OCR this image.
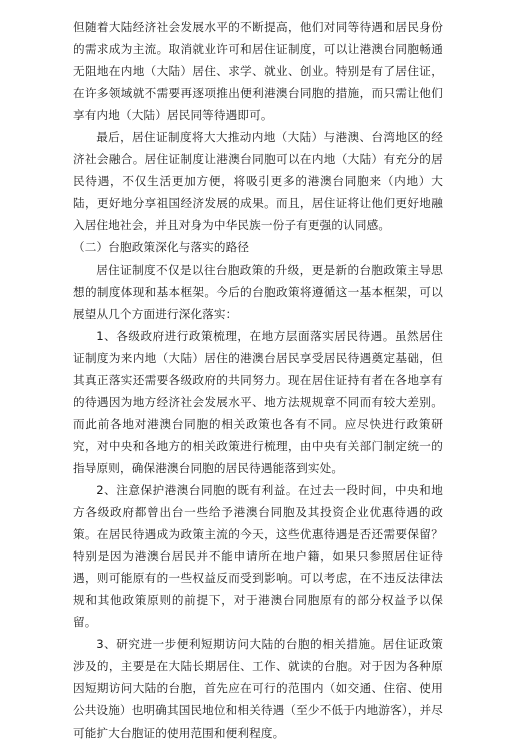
但随着大陆经济社会发展水平的不断提高，他们对同等待遇和居民身份的需求成为主流。取消就业许可和居住证制度，可以让港澳台同胞畅通无阻地在内地（大陆）居住、求学、就业、创业。特别是有了居住证，在许多领域就不需要再逐项推出便利港澳台同胞的措施，而只需让他们享有内地（大陆）居民同等待遇即可。

最后，居住证制度将大大推动内地（大陆）与港澳、台湾地区的经济社会融合。居住证制度让港澳台同胞可以在内地（大陆）有充分的居民待遇，不仅生活更加方便，将吸引更多的港澳台同胞来（内地）大陆，更好地分享祖国经济发展的成果。而且，居住证将让他们更好地融入居住地社会，并且对身为中华民族一份子有更强的认同感。

（二）台胞政策深化与落实的路径

居住证制度不仅是以往台胞政策的升级，更是新的台胞政策主导思想的制度体现和基本框架。今后的台胞政策将遵循这一基本框架，可以展望从几个方面进行深化落实：

1、各级政府进行政策梳理，在地方层面落实居民待遇。虽然居住证制度为来内地（大陆）居住的港澳台居民享受居民待遇奠定基础，但其真正落实还需要各级政府的共同努力。现在居住证持有者在各地享有的待遇因为地方经济社会发展水平、地方法规规章不同而有较大差别。而此前各地对港澳台同胞的相关政策也各有不同。应尽快进行政策研究，对中央和各地方的相关政策进行梳理，由中央有关部门制定统一的指导原则，确保港澳台同胞的居民待遇能落到实处。

2、注意保护港澳台同胞的既有利益。在过去一段时间，中央和地方各级政府都曾出台一些给予港澳台同胞及其投资企业优惠待遇的政策。在居民待遇成为政策主流的今天，这些优惠待遇是否还需要保留？特别是因为港澳台居民并不能申请所在地户籍，如果只参照居住证待遇，则可能原有的一些权益反而受到影响。可以考虑，在不违反法律法规和其他政策原则的前提下，对于港澳台同胞原有的部分权益予以保留。

3、研究进一步便利短期访问大陆的台胞的相关措施。居住证政策涉及的，主要是在大陆长期居住、工作、就读的台胞。对于因为各种原因短期访问大陆的台胞，首先应在可行的范围内（如交通、住宿、使用公共设施）也明确其国民地位和相关待遇（至少不低于内地游客），并尽可能扩大台胞证的使用范围和便利程度。
